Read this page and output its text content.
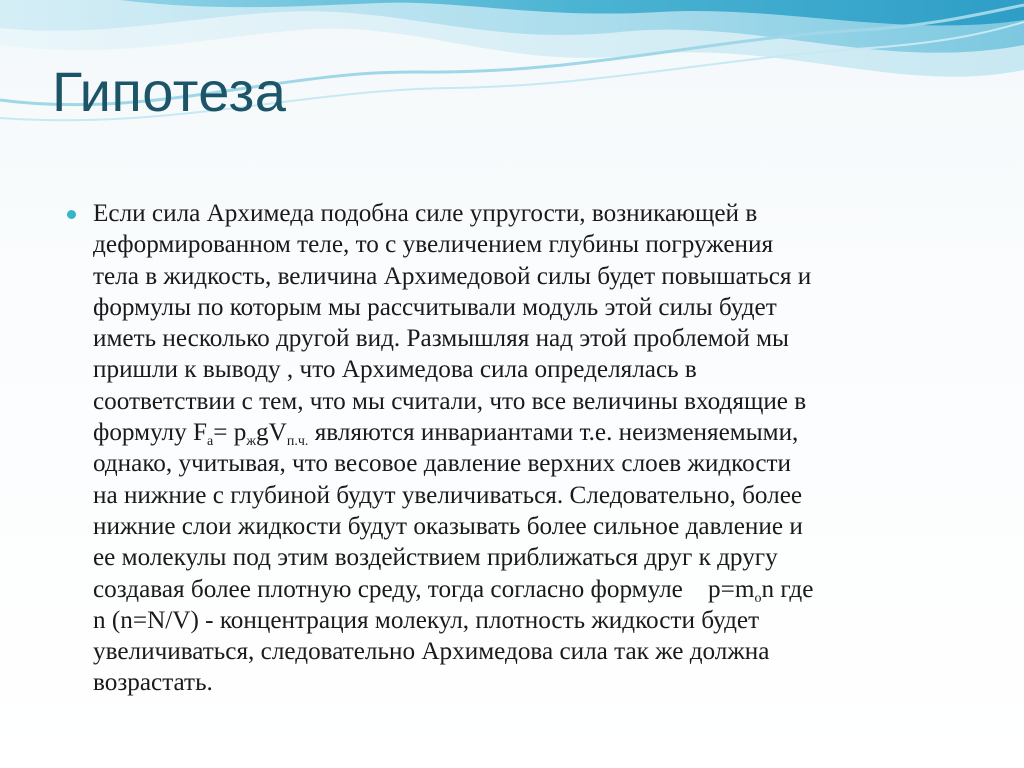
Гипотеза

Если сила Архимеда подобна силе упругости, возникающей в
деформированном теле, то с увеличением глубины погружения
тела в жидкость, величина Архимедовой силы будет повышаться и
формулы по которым мы рассчитывали модуль этой силы будет
иметь несколько другой вид. Размышляя над этой проблемой мы
пришли к выводу , что Архимедова сила определялась в
соответствии с тем, что мы считали, что все величины входящие в
формулу $F_a= p_жgV_{п.ч.}$ являются инвариантами т.е. неизменяемыми,
однако, учитывая, что весовое давление верхних слоев жидкости
на нижние с глубиной будут увеличиваться. Следовательно, более
нижние слои жидкости будут оказывать более сильное давление и
ее молекулы под этим воздействием приближаться друг к другу
создавая более плотную среду, тогда согласно формуле    $p=m_on$ где
n (n=N/V) - концентрация молекул, плотность жидкости будет
увеличиваться, следовательно Архимедова сила так же должна
возрастать.
